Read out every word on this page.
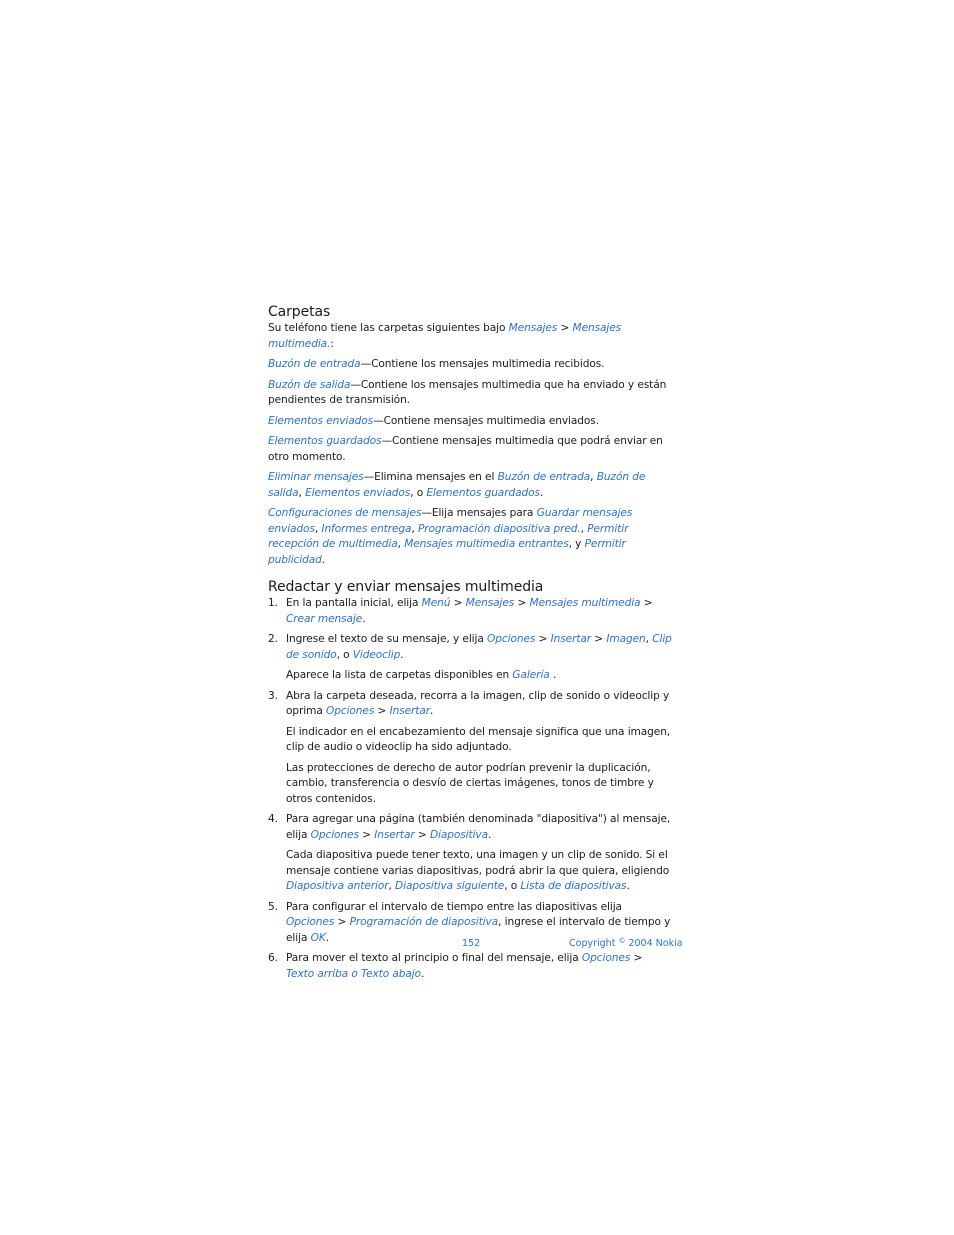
Carpetas

Su teléfono tiene las carpetas siguientes bajo Mensajes > Mensajes multimedia.:

Buzón de entrada—Contiene los mensajes multimedia recibidos.

Buzón de salida—Contiene los mensajes multimedia que ha enviado y están pendientes de transmisión.

Elementos enviados—Contiene mensajes multimedia enviados.

Elementos guardados—Contiene mensajes multimedia que podrá enviar en otro momento.

Eliminar mensajes—Elimina mensajes en el Buzón de entrada, Buzón de salida, Elementos enviados, o Elementos guardados.

Configuraciones de mensajes—Elija mensajes para Guardar mensajes enviados, Informes entrega, Programación diapositiva pred., Permitir recepción de multimedia, Mensajes multimedia entrantes, y Permitir publicidad.

Redactar y enviar mensajes multimedia
1. En la pantalla inicial, elija Menú > Mensajes > Mensajes multimedia > Crear mensaje.
2. Ingrese el texto de su mensaje, y elija Opciones > Insertar > Imagen, Clip de sonido, o Videoclip.
Aparece la lista de carpetas disponibles en Galería .
3. Abra la carpeta deseada, recorra a la imagen, clip de sonido o videoclip y oprima Opciones > Insertar.
El indicador en el encabezamiento del mensaje significa que una imagen, clip de audio o videoclip ha sido adjuntado.
Las protecciones de derecho de autor podrían prevenir la duplicación, cambio, transferencia o desvío de ciertas imágenes, tonos de timbre y otros contenidos.
4. Para agregar una página (también denominada "diapositiva") al mensaje, elija Opciones > Insertar > Diapositiva.
Cada diapositiva puede tener texto, una imagen y un clip de sonido. Si el mensaje contiene varias diapositivas, podrá abrir la que quiera, eligiendo Diapositiva anterior, Diapositiva siguiente, o Lista de diapositivas.
5. Para configurar el intervalo de tiempo entre las diapositivas elija Opciones > Programación de diapositiva, ingrese el intervalo de tiempo y elija OK.
6. Para mover el texto al principio o final del mensaje, elija Opciones > Texto arriba o Texto abajo.
152	Copyright © 2004 Nokia
